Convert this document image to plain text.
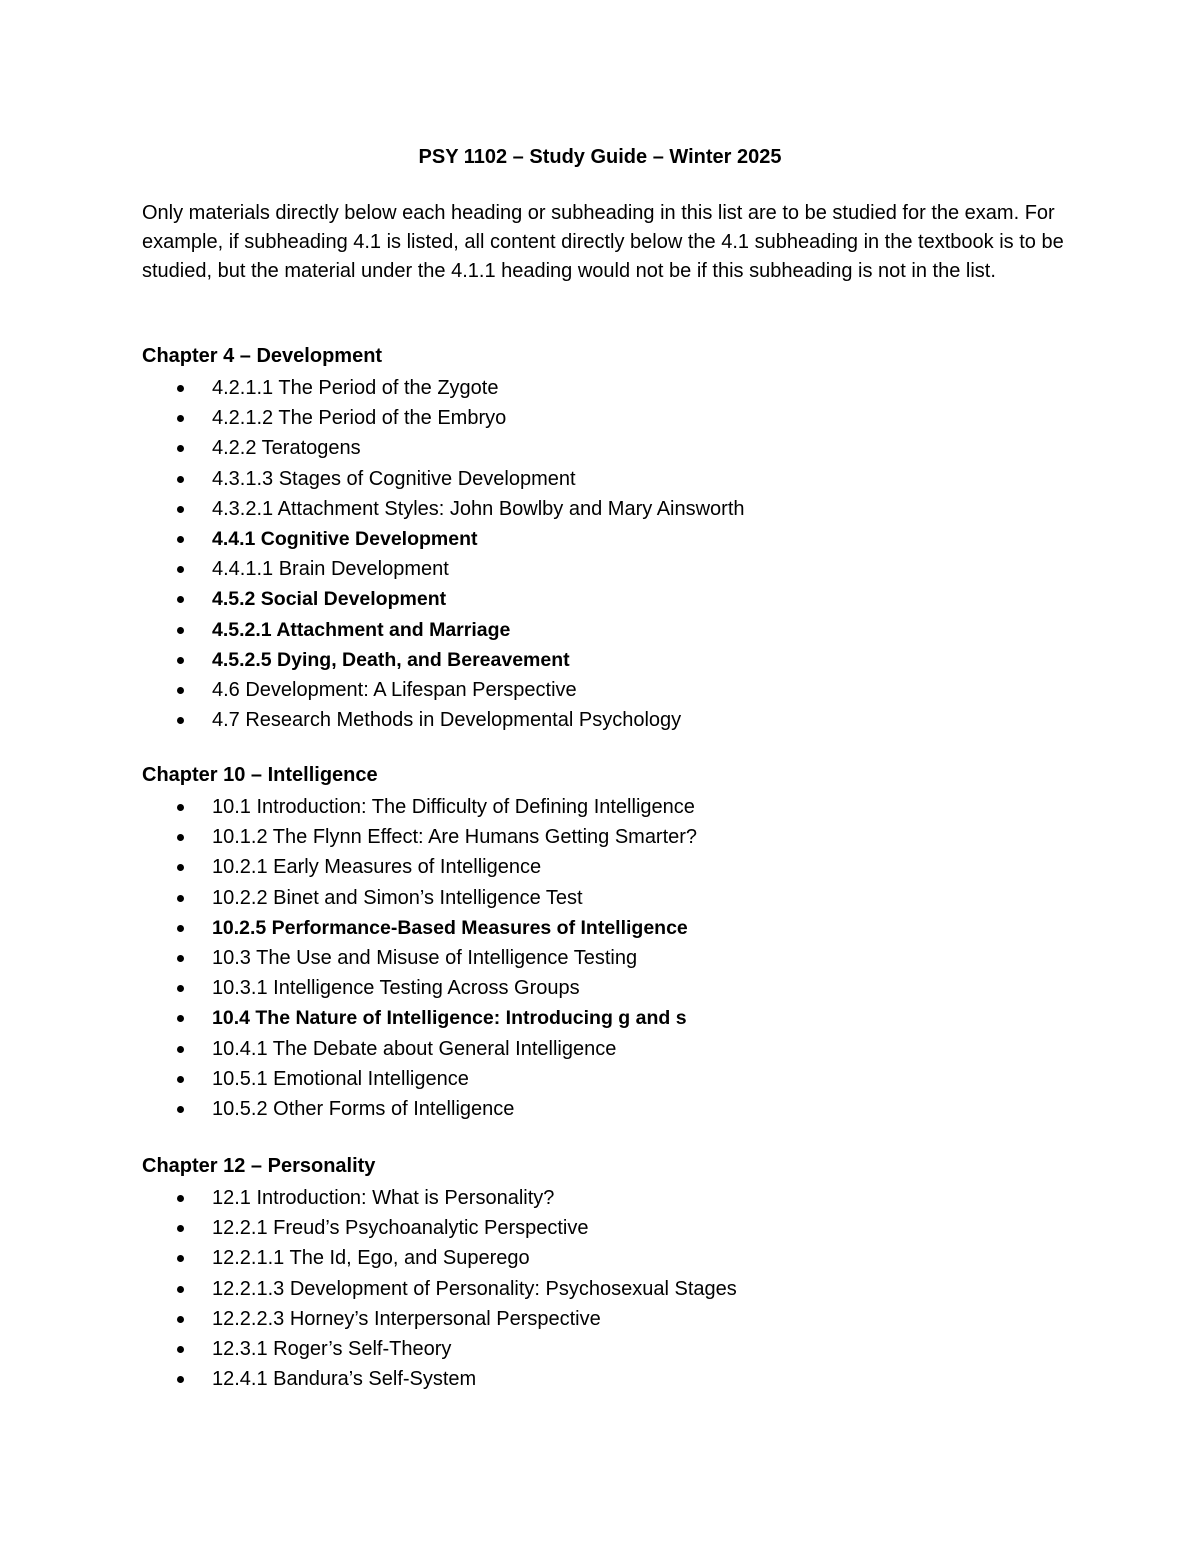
PSY 1102 – Study Guide – Winter 2025

Only materials directly below each heading or subheading in this list are to be studied for the exam. For example, if subheading 4.1 is listed, all content directly below the 4.1 subheading in the textbook is to be studied, but the material under the 4.1.1 heading would not be if this subheading is not in the list.

Chapter 4 – Development
4.2.1.1 The Period of the Zygote
4.2.1.2 The Period of the Embryo
4.2.2 Teratogens
4.3.1.3 Stages of Cognitive Development
4.3.2.1 Attachment Styles: John Bowlby and Mary Ainsworth
4.4.1 Cognitive Development
4.4.1.1 Brain Development
4.5.2 Social Development
4.5.2.1 Attachment and Marriage
4.5.2.5 Dying, Death, and Bereavement
4.6 Development: A Lifespan Perspective
4.7 Research Methods in Developmental Psychology
Chapter 10 – Intelligence
10.1 Introduction: The Difficulty of Defining Intelligence
10.1.2 The Flynn Effect: Are Humans Getting Smarter?
10.2.1 Early Measures of Intelligence
10.2.2 Binet and Simon’s Intelligence Test
10.2.5 Performance-Based Measures of Intelligence
10.3 The Use and Misuse of Intelligence Testing
10.3.1 Intelligence Testing Across Groups
10.4 The Nature of Intelligence: Introducing g and s
10.4.1 The Debate about General Intelligence
10.5.1 Emotional Intelligence
10.5.2 Other Forms of Intelligence
Chapter 12 – Personality
12.1 Introduction: What is Personality?
12.2.1 Freud’s Psychoanalytic Perspective
12.2.1.1 The Id, Ego, and Superego
12.2.1.3 Development of Personality: Psychosexual Stages
12.2.2.3 Horney’s Interpersonal Perspective
12.3.1 Roger’s Self-Theory
12.4.1 Bandura’s Self-System
